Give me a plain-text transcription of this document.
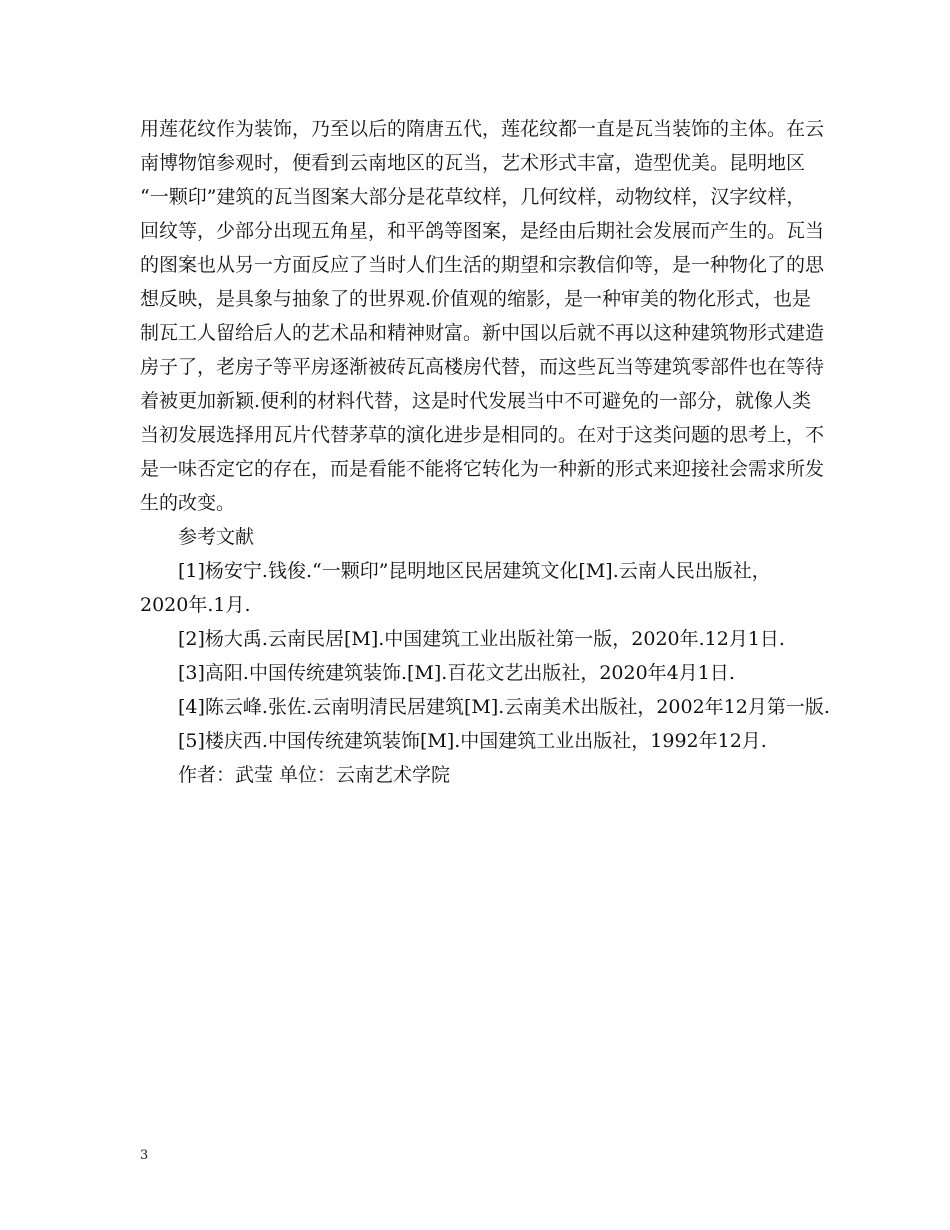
用莲花纹作为装饰，乃至以后的隋唐五代，莲花纹都一直是瓦当装饰的主体。在云
南博物馆参观时，便看到云南地区的瓦当，艺术形式丰富，造型优美。昆明地区
“一颗印”建筑的瓦当图案大部分是花草纹样，几何纹样，动物纹样，汉字纹样，
回纹等，少部分出现五角星，和平鸽等图案，是经由后期社会发展而产生的。瓦当
的图案也从另一方面反应了当时人们生活的期望和宗教信仰等，是一种物化了的思
想反映，是具象与抽象了的世界观.价值观的缩影，是一种审美的物化形式，也是
制瓦工人留给后人的艺术品和精神财富。新中国以后就不再以这种建筑物形式建造
房子了，老房子等平房逐渐被砖瓦高楼房代替，而这些瓦当等建筑零部件也在等待
着被更加新颖.便利的材料代替，这是时代发展当中不可避免的一部分，就像人类
当初发展选择用瓦片代替茅草的演化进步是相同的。在对于这类问题的思考上，不
是一味否定它的存在，而是看能不能将它转化为一种新的形式来迎接社会需求所发
生的改变。
参考文献
[1]杨安宁.钱俊.“一颗印”昆明地区民居建筑文化[M].云南人民出版社，
2020年.1月.
[2]杨大禹.云南民居[M].中国建筑工业出版社第一版，2020年.12月1日.
[3]高阳.中国传统建筑装饰.[M].百花文艺出版社，2020年4月1日.
[4]陈云峰.张佐.云南明清民居建筑[M].云南美术出版社，2002年12月第一版.
[5]楼庆西.中国传统建筑装饰[M].中国建筑工业出版社，1992年12月.
作者：武莹 单位：云南艺术学院
3
